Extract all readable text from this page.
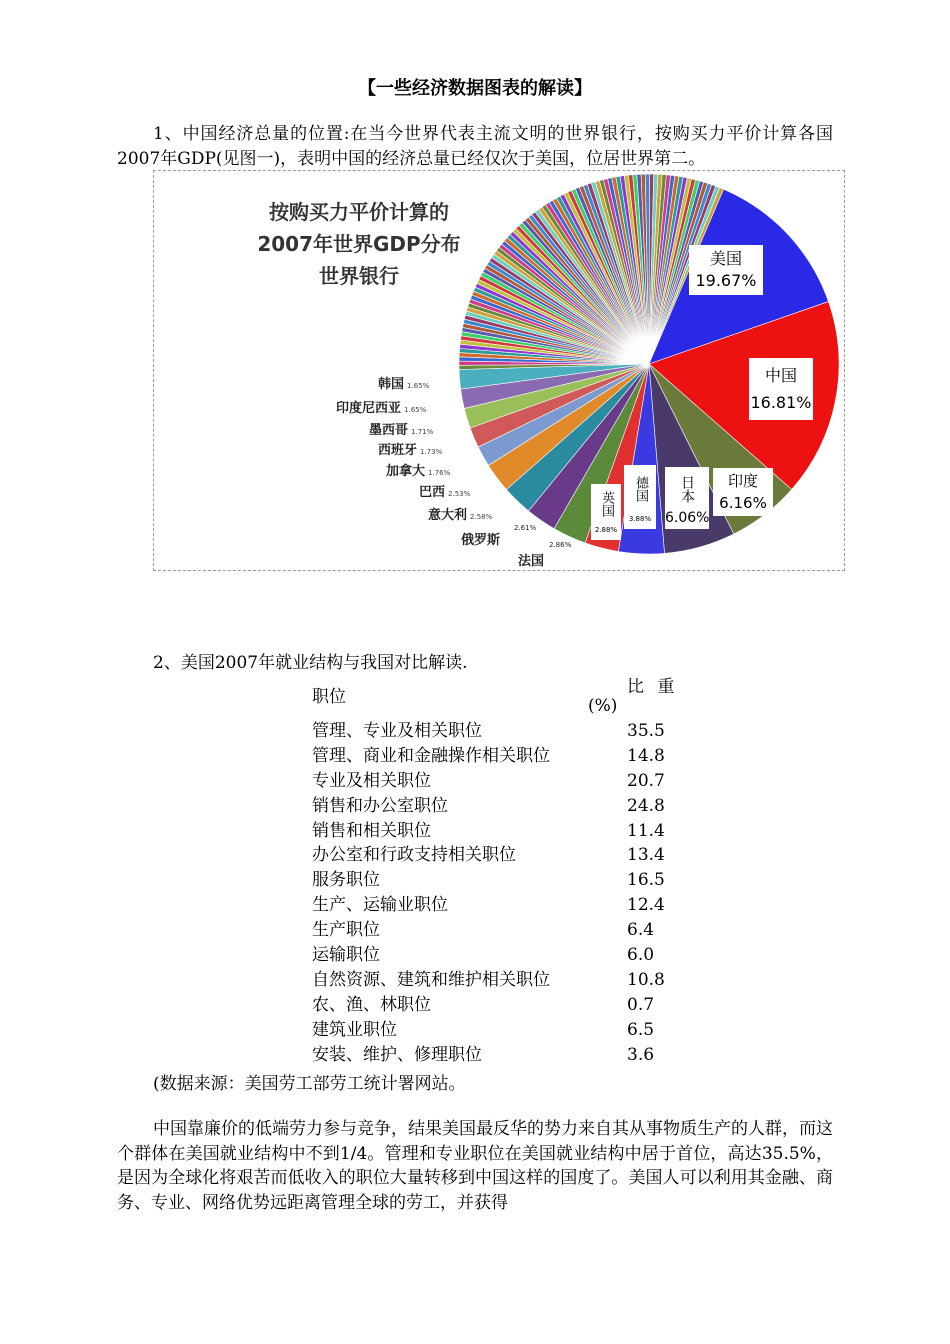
【一些经济数据图表的解读】
1、中国经济总量的位置:在当今世界代表主流文明的世界银行，按购买力平价计算各国2007年GDP(见图一)，表明中国的经济总量已经仅次于美国，位居世界第二。
按购买力平价计算的
2007年世界GDP分布
世界银行
美国
19.67%
中国
16.81%
印度
6.16%
日本
6.06%
德国
3.88%
英国
2.88%
韩国 1.65%
印度尼西亚 1.65%
墨西哥 1.71%
西班牙 1.73%
加拿大 1.76%
巴西 2.53%
意大利 2.58%
俄罗斯
2.61%
法国
2.86%
2、美国2007年就业结构与我国对比解读.
职位	比 重
(%)
管理、专业及相关职位	35.5
管理、商业和金融操作相关职位	14.8
专业及相关职位	20.7
销售和办公室职位	24.8
销售和相关职位	11.4
办公室和行政支持相关职位	13.4
服务职位	16.5
生产、运输业职位	12.4
生产职位	6.4
运输职位	6.0
自然资源、建筑和维护相关职位	10.8
农、渔、林职位	0.7
建筑业职位	6.5
安装、维护、修理职位	3.6
(数据来源：美国劳工部劳工统计署网站。
中国靠廉价的低端劳力参与竞争，结果美国最反华的势力来自其从事物质生产的人群，而这个群体在美国就业结构中不到1/4。管理和专业职位在美国就业结构中居于首位，高达35.5%，是因为全球化将艰苦而低收入的职位大量转移到中国这样的国度了。美国人可以利用其金融、商务、专业、网络优势远距离管理全球的劳工，并获得
